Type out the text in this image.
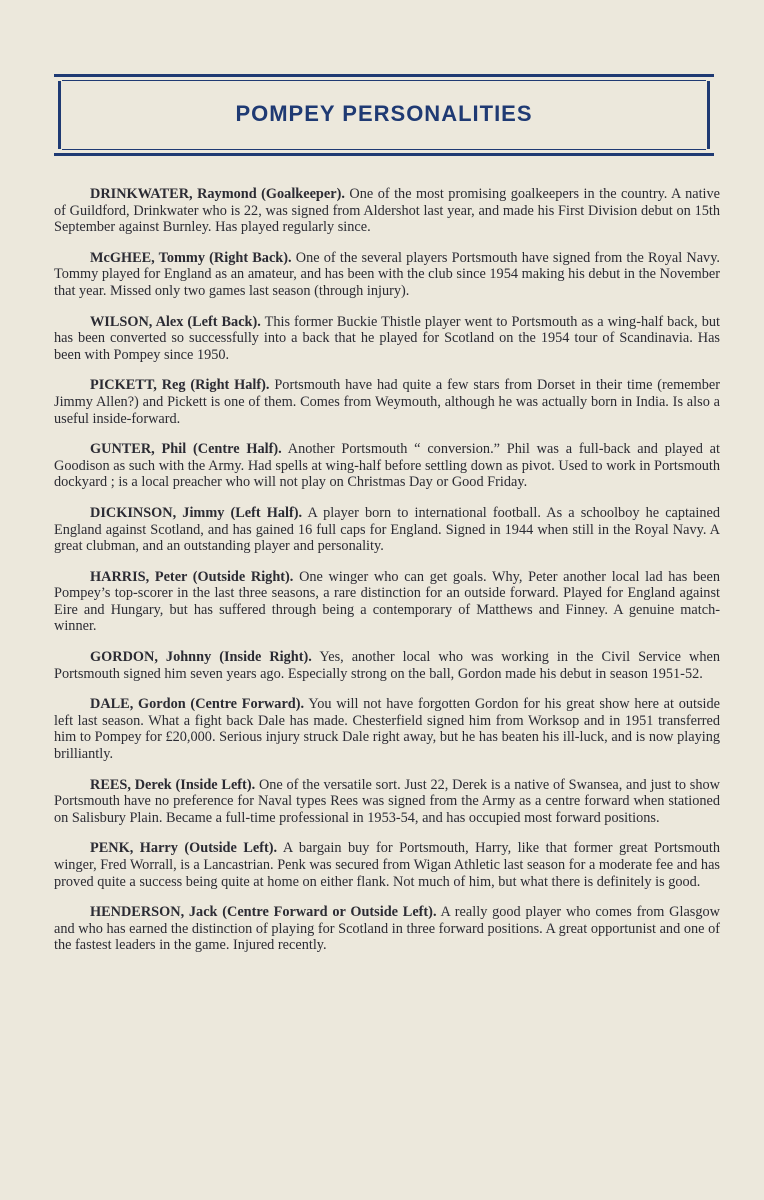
POMPEY PERSONALITIES

DRINKWATER, Raymond (Goalkeeper). One of the most promising goalkeepers in the country. A native of Guildford, Drinkwater who is 22, was signed from Aldershot last year, and made his First Division debut on 15th September against Burnley. Has played regularly since.

McGHEE, Tommy (Right Back). One of the several players Portsmouth have signed from the Royal Navy. Tommy played for England as an amateur, and has been with the club since 1954 making his debut in the November that year. Missed only two games last season (through injury).

WILSON, Alex (Left Back). This former Buckie Thistle player went to Portsmouth as a wing-half back, but has been converted so successfully into a back that he played for Scotland on the 1954 tour of Scandinavia. Has been with Pompey since 1950.

PICKETT, Reg (Right Half). Portsmouth have had quite a few stars from Dorset in their time (remember Jimmy Allen?) and Pickett is one of them. Comes from Weymouth, although he was actually born in India. Is also a useful inside-forward.

GUNTER, Phil (Centre Half). Another Portsmouth “ conversion.” Phil was a full-back and played at Goodison as such with the Army. Had spells at wing-half before settling down as pivot. Used to work in Portsmouth dockyard ; is a local preacher who will not play on Christmas Day or Good Friday.

DICKINSON, Jimmy (Left Half). A player born to international football. As a schoolboy he captained England against Scotland, and has gained 16 full caps for England. Signed in 1944 when still in the Royal Navy. A great clubman, and an outstanding player and personality.

HARRIS, Peter (Outside Right). One winger who can get goals. Why, Peter another local lad has been Pompey’s top-scorer in the last three seasons, a rare distinction for an outside forward. Played for England against Eire and Hungary, but has suffered through being a contemporary of Matthews and Finney. A genuine match-winner.

GORDON, Johnny (Inside Right). Yes, another local who was working in the Civil Service when Portsmouth signed him seven years ago. Especially strong on the ball, Gordon made his debut in season 1951-52.

DALE, Gordon (Centre Forward). You will not have forgotten Gordon for his great show here at outside left last season. What a fight back Dale has made. Chesterfield signed him from Worksop and in 1951 transferred him to Pompey for £20,000. Serious injury struck Dale right away, but he has beaten his ill-luck, and is now playing brilliantly.

REES, Derek (Inside Left). One of the versatile sort. Just 22, Derek is a native of Swansea, and just to show Portsmouth have no preference for Naval types Rees was signed from the Army as a centre forward when stationed on Salisbury Plain. Became a full-time professional in 1953-54, and has occupied most forward positions.

PENK, Harry (Outside Left). A bargain buy for Portsmouth, Harry, like that former great Portsmouth winger, Fred Worrall, is a Lancastrian. Penk was secured from Wigan Athletic last season for a moderate fee and has proved quite a success being quite at home on either flank. Not much of him, but what there is definitely is good.

HENDERSON, Jack (Centre Forward or Outside Left). A really good player who comes from Glasgow and who has earned the distinction of playing for Scotland in three forward positions. A great opportunist and one of the fastest leaders in the game. Injured recently.
